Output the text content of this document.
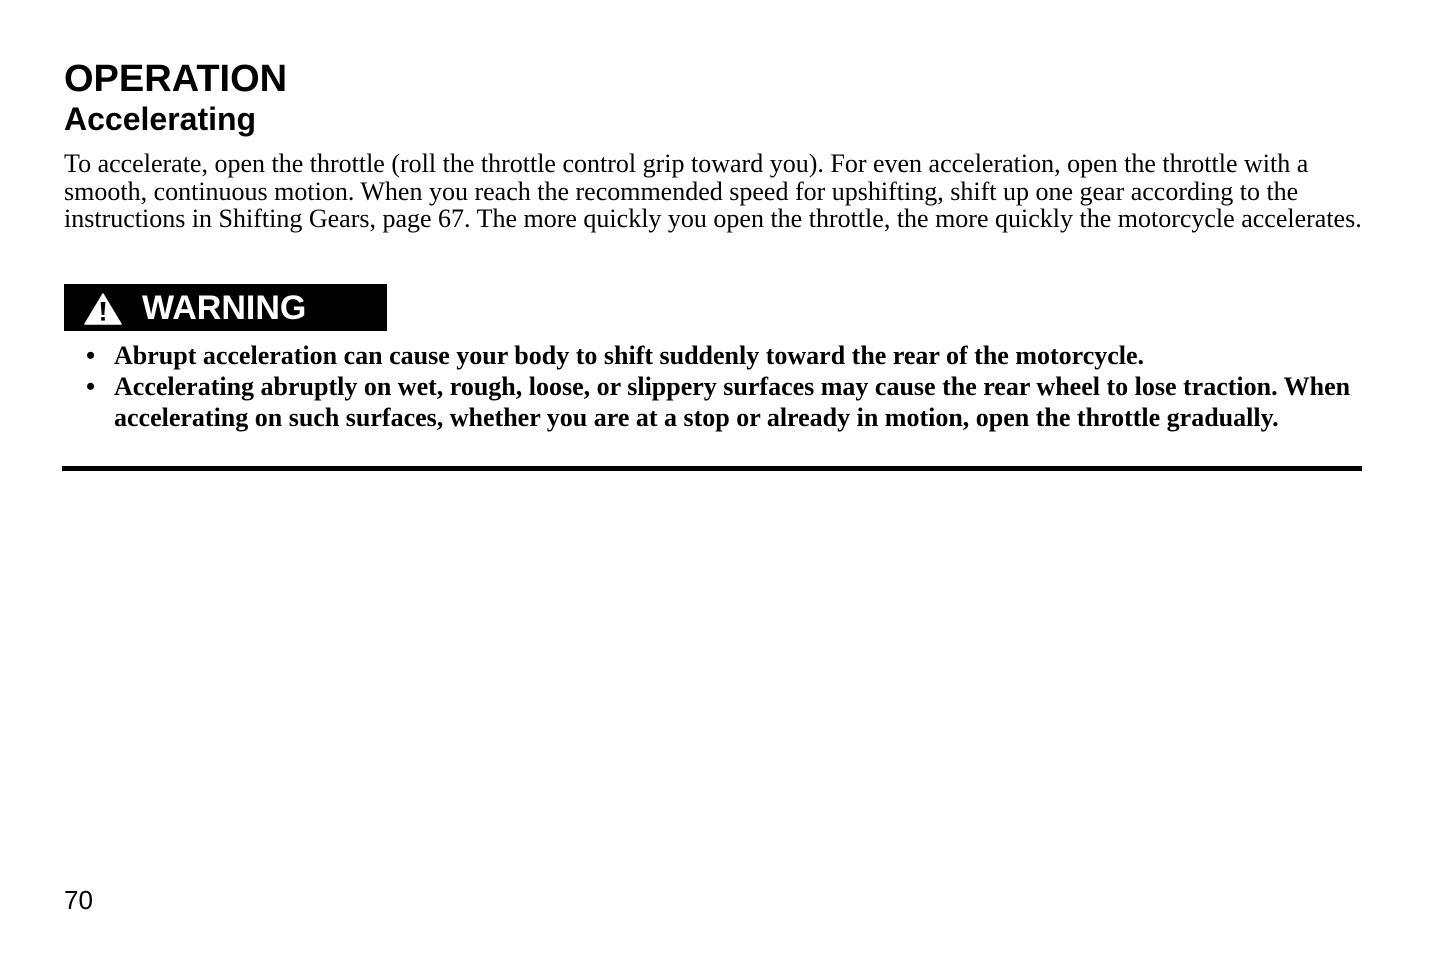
OPERATION
Accelerating

To accelerate, open the throttle (roll the throttle control grip toward you). For even acceleration, open the throttle with a smooth, continuous motion. When you reach the recommended speed for upshifting, shift up one gear according to the instructions in Shifting Gears, page 67. The more quickly you open the throttle, the more quickly the motorcycle accelerates.

WARNING
• Abrupt acceleration can cause your body to shift suddenly toward the rear of the motorcycle.
• Accelerating abruptly on wet, rough, loose, or slippery surfaces may cause the rear wheel to lose traction. When accelerating on such surfaces, whether you are at a stop or already in motion, open the throttle gradually.
70
